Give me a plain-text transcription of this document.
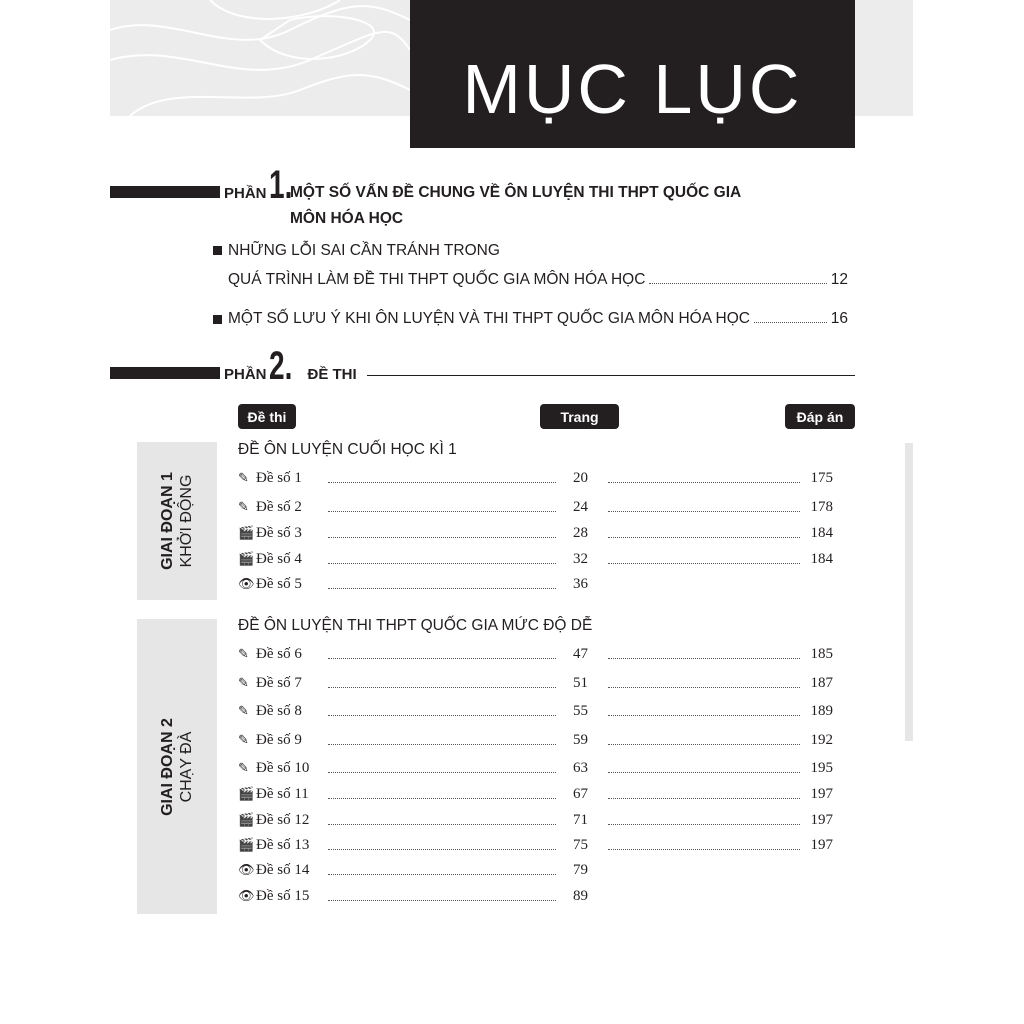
MỤC LỤC
PHẦN 1.
MỘT SỐ VẤN ĐỀ CHUNG VỀ ÔN LUYỆN THI THPT QUỐC GIA
MÔN HÓA HỌC
NHỮNG LỖI SAI CẦN TRÁNH TRONG
QUÁ TRÌNH LÀM ĐỀ THI THPT QUỐC GIA MÔN HÓA HỌC	12
MỘT SỐ LƯU Ý KHI ÔN LUYỆN VÀ THI THPT QUỐC GIA MÔN HÓA HỌC	16
PHẦN 2. ĐỀ THI
Đề thi	Trang	Đáp án
GIAI ĐOẠN 1 KHỞI ĐỘNG
GIAI ĐOẠN 2 CHẠY ĐÀ
ĐỀ ÔN LUYỆN CUỐI HỌC KÌ 1
ĐỀ ÔN LUYỆN THI THPT QUỐC GIA MỨC ĐỘ DỄ
✎ Đề số 1	20	175
✎ Đề số 2	24	178
🎬 Đề số 3	28	184
🎬 Đề số 4	32	184
👁 Đề số 5	36
✎ Đề số 6	47	185
✎ Đề số 7	51	187
✎ Đề số 8	55	189
✎ Đề số 9	59	192
✎ Đề số 10	63	195
🎬 Đề số 11	67	197
🎬 Đề số 12	71	197
🎬 Đề số 13	75	197
👁 Đề số 14	79
👁 Đề số 15	89
